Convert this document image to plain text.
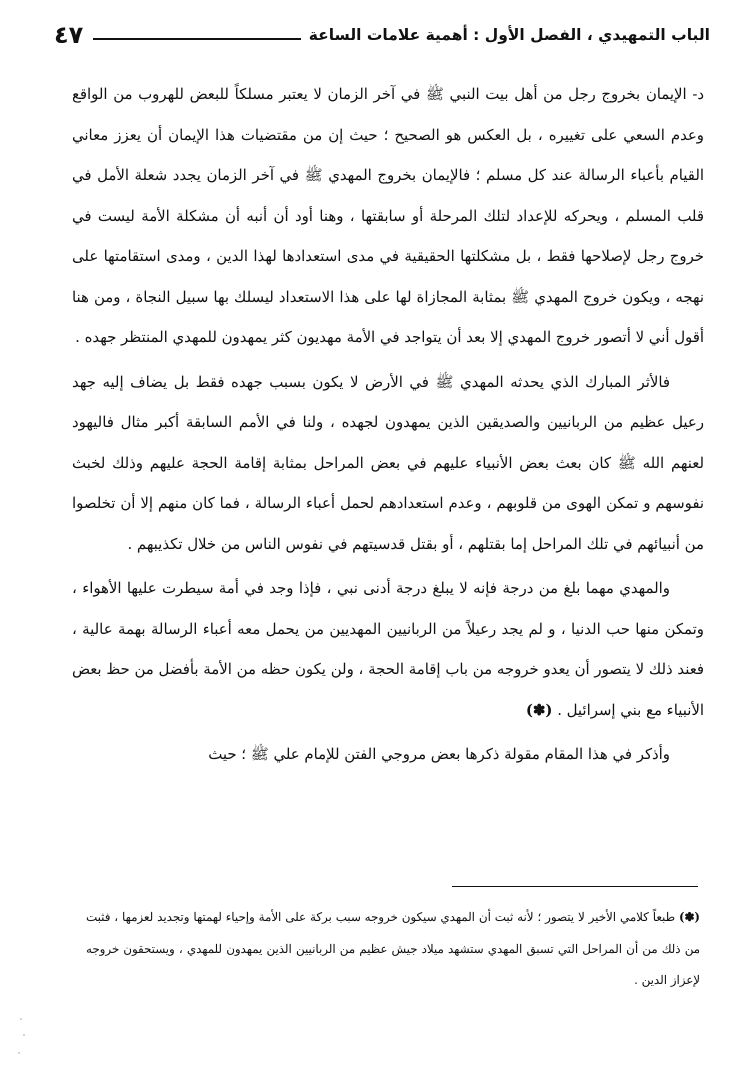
الباب التمهيدي ، الفصل الأول : أهمية علامات الساعة
٤٧

د- الإيمان بخروج رجل من أهل بيت النبي ﷺ في آخر الزمان لا يعتبر مسلكاً للبعض للهروب من الواقع وعدم السعي على تغييره ، بل العكس هو الصحيح ؛ حيث إن من مقتضيات هذا الإيمان أن يعزز معاني القيام بأعباء الرسالة عند كل مسلم ؛ فالإيمان بخروج المهدي ﷺ في آخر الزمان يجدد شعلة الأمل في قلب المسلم ، ويحركه للإعداد لتلك المرحلة أو سابقتها ، وهنا أود أن أنبه أن مشكلة الأمة ليست في خروج رجل لإصلاحها فقط ، بل مشكلتها الحقيقية في مدى استعدادها لهذا الدين ، ومدى استقامتها على نهجه ، ويكون خروج المهدي ﷺ بمثابة المجازاة لها على هذا الاستعداد ليسلك بها سبيل النجاة ، ومن هنا أقول أني لا أتصور خروج المهدي إلا بعد أن يتواجد في الأمة مهديون كثر يمهدون للمهدي المنتظر جهده .

فالأثر المبارك الذي يحدثه المهدي ﷺ في الأرض لا يكون بسبب جهده فقط بل يضاف إليه جهد رعيل عظيم من الربانيين والصديقين الذين يمهدون لجهده ، ولنا في الأمم السابقة أكبر مثال فاليهود لعنهم الله ﷺ كان بعث بعض الأنبياء عليهم في بعض المراحل بمثابة إقامة الحجة عليهم وذلك لخبث نفوسهم و تمكن الهوى من قلوبهم ، وعدم استعدادهم لحمل أعباء الرسالة ، فما كان منهم إلا أن تخلصوا من أنبيائهم في تلك المراحل إما بقتلهم ، أو بقتل قدسيتهم في نفوس الناس من خلال تكذيبهم .

والمهدي مهما بلغ من درجة فإنه لا يبلغ درجة أدنى نبي ، فإذا وجد في أمة سيطرت عليها الأهواء ، وتمكن منها حب الدنيا ، و لم يجد رعيلاً من الربانيين المهديين من يحمل معه أعباء الرسالة بهمة عالية ، فعند ذلك لا يتصور أن يعدو خروجه من باب إقامة الحجة ، ولن يكون حظه من الأمة بأفضل من حظ بعض الأنبياء مع بني إسرائيل . (✽)

وأذكر في هذا المقام مقولة ذكرها بعض مروجي الفتن للإمام علي ﷺ ؛ حيث

(✽) طبعاً كلامي الأخير لا يتصور ؛ لأنه ثبت أن المهدي سيكون خروجه سبب بركة على الأمة وإحياء لهمتها وتجديد لعزمها ، فثبت من ذلك من أن المراحل التي تسبق المهدي ستشهد ميلاد جيش عظيم من الربانيين الذين يمهدون للمهدي ، ويستحقون خروجه لإعزاز الدين .
